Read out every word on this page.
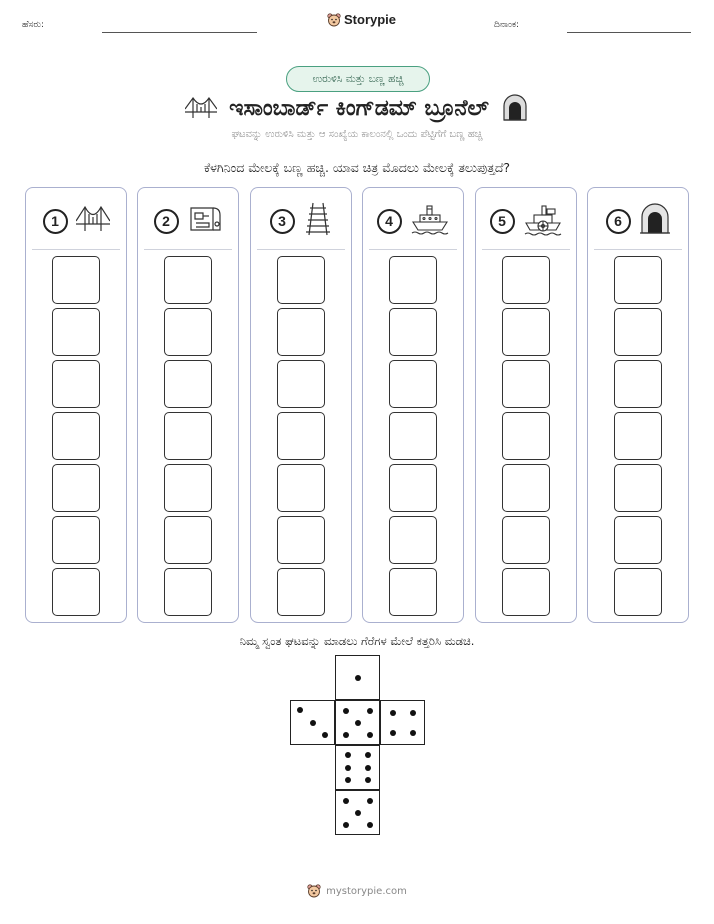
ಹೆಸರು:	Storypie	ದಿನಾಂಕ:
ಉರುಳಿಸಿ ಮತ್ತು ಬಣ್ಣ ಹಚ್ಚಿ
ಇಸಾಂಬಾರ್ಡ್ ಕಿಂಗ್‌ಡಮ್ ಬ್ರೂನೆಲ್
ಘಟವನ್ನು ಉರುಳಿಸಿ ಮತ್ತು ಆ ಸಂಖ್ಯೆಯ ಕಾಲಂನಲ್ಲಿ ಒಂದು ಪೆಟ್ಟಿಗೆಗೆ ಬಣ್ಣ ಹಚ್ಚಿ
ಕೆಳಗಿನಿಂದ ಮೇಲಕ್ಕೆ ಬಣ್ಣ ಹಚ್ಚಿ. ಯಾವ ಚಿತ್ರ ಮೊದಲು ಮೇಲಕ್ಕೆ ತಲುಪುತ್ತದೆ?
1	2	3	4	5	6
ನಿಮ್ಮ ಸ್ವಂತ ಘಟವನ್ನು ಮಾಡಲು ಗೆರೆಗಳ ಮೇಲೆ ಕತ್ತರಿಸಿ ಮಡಚಿ.
mystorypie.com
